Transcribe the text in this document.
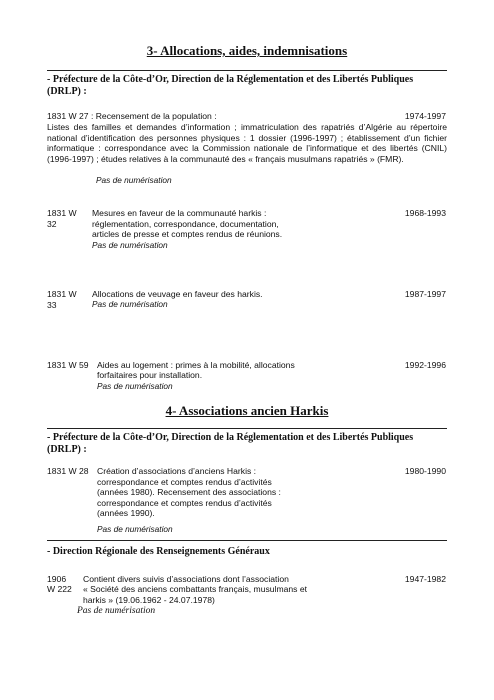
3- Allocations, aides, indemnisations
- Préfecture de la Côte-d’Or, Direction de la Réglementation et des Libertés Publiques (DRLP) :
1831 W 27 : Recensement de la population :	1974-1997
Listes des familles et demandes d’information ; immatriculation des rapatriés d’Algérie au répertoire national d’identification des personnes physiques : 1 dossier (1996-1997) ; établissement d’un fichier informatique : correspondance avec la Commission nationale de l’informatique et des libertés (CNIL) (1996-1997) ; études relatives à la communauté des « français musulmans rapatriés » (FMR).
Pas de numérisation
1831 W
32
Mesures en faveur de la communauté harkis :
réglementation, correspondance, documentation,
articles de presse et comptes rendus de réunions.
1968-1993
Pas de numérisation
1831 W
33
Allocations de veuvage en faveur des harkis.	1987-1997
Pas de numérisation
1831 W 59 Aides au logement : primes à la mobilité, allocations
forfaitaires pour installation.
1992-1996
Pas de numérisation
4- Associations ancien Harkis
- Préfecture de la Côte-d’Or, Direction de la Réglementation et des Libertés Publiques (DRLP) :
1831 W 28 Création d’associations d’anciens Harkis :
correspondance et comptes rendus d’activités
(années 1980). Recensement des associations :
correspondance et comptes rendus d’activités
(années 1990).
1980-1990
Pas de numérisation
- Direction Régionale des Renseignements Généraux
1906
W 222
Contient divers suivis d’associations dont l’association
« Société des anciens combattants français, musulmans et
harkis » (19.06.1962 - 24.07.1978)
1947-1982
Pas de numérisation
